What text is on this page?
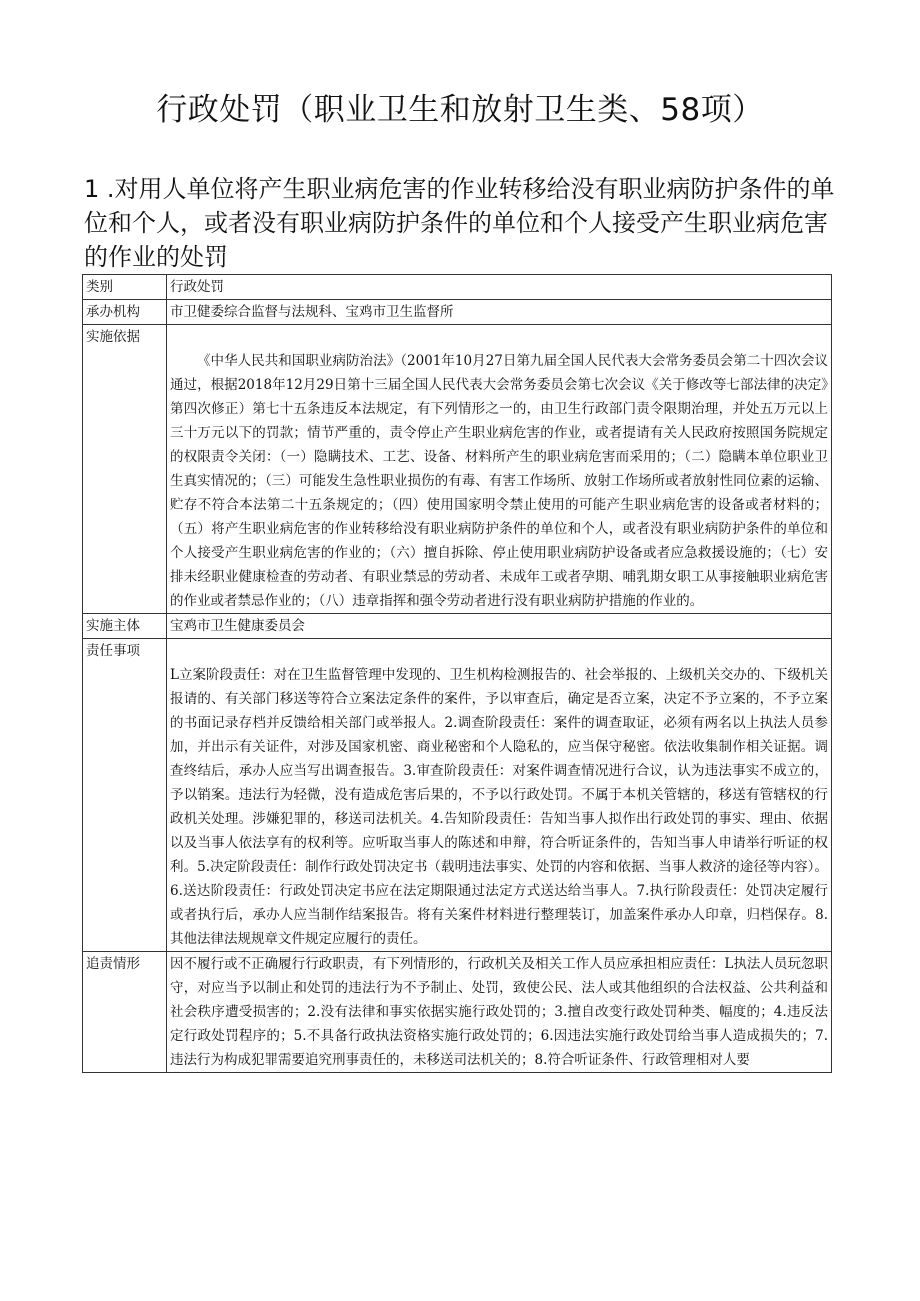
行政处罚（职业卫生和放射卫生类、58项）
1 .对用人单位将产生职业病危害的作业转移给没有职业病防护条件的单位和个人，或者没有职业病防护条件的单位和个人接受产生职业病危害的作业的处罚
类别	行政处罚
承办机构	市卫健委综合监督与法规科、宝鸡市卫生监督所
实施依据	《中华人民共和国职业病防治法》（2001年10月27日第九届全国人民代表大会常务委员会第二十四次会议通过，根据2018年12月29日第十三届全国人民代表大会常务委员会第七次会议《关于修改等七部法律的决定》第四次修正）第七十五条违反本法规定，有下列情形之一的，由卫生行政部门责令限期治理，并处五万元以上三十万元以下的罚款；情节严重的，责令停止产生职业病危害的作业，或者提请有关人民政府按照国务院规定的权限责令关闭：（一）隐瞒技术、工艺、设备、材料所产生的职业病危害而采用的；（二）隐瞒本单位职业卫生真实情况的；（三）可能发生急性职业损伤的有毒、有害工作场所、放射工作场所或者放射性同位素的运输、贮存不符合本法第二十五条规定的；（四）使用国家明令禁止使用的可能产生职业病危害的设备或者材料的；（五）将产生职业病危害的作业转移给没有职业病防护条件的单位和个人，或者没有职业病防护条件的单位和个人接受产生职业病危害的作业的；（六）擅自拆除、停止使用职业病防护设备或者应急救援设施的；（七）安排未经职业健康检查的劳动者、有职业禁忌的劳动者、未成年工或者孕期、哺乳期女职工从事接触职业病危害的作业或者禁忌作业的；（八）违章指挥和强令劳动者进行没有职业病防护措施的作业的。

实施主体	宝鸡市卫生健康委员会
责任事项	L立案阶段责任：对在卫生监督管理中发现的、卫生机构检测报告的、社会举报的、上级机关交办的、下级机关报请的、有关部门移送等符合立案法定条件的案件，予以审查后，确定是否立案，决定不予立案的，不予立案的书面记录存档并反馈给相关部门或举报人。2.调查阶段责任：案件的调查取证，必须有两名以上执法人员参加，并出示有关证件，对涉及国家机密、商业秘密和个人隐私的，应当保守秘密。依法收集制作相关证据。调查终结后，承办人应当写出调查报告。3.审查阶段责任：对案件调查情况进行合议，认为违法事实不成立的，予以销案。违法行为轻微，没有造成危害后果的，不予以行政处罚。不属于本机关管辖的，移送有管辖权的行政机关处理。涉嫌犯罪的，移送司法机关。4.告知阶段责任：告知当事人拟作出行政处罚的事实、理由、依据以及当事人依法享有的权利等。应听取当事人的陈述和申辩，符合听证条件的，告知当事人申请举行听证的权利。5.决定阶段责任：制作行政处罚决定书（载明违法事实、处罚的内容和依据、当事人救济的途径等内容）。6.送达阶段责任：行政处罚决定书应在法定期限通过法定方式送达给当事人。7.执行阶段责任：处罚决定履行或者执行后，承办人应当制作结案报告。将有关案件材料进行整理装订，加盖案件承办人印章，归档保存。8.其他法律法规规章文件规定应履行的责任。

追责情形	因不履行或不正确履行行政职责，有下列情形的，行政机关及相关工作人员应承担相应责任：L执法人员玩忽职守，对应当予以制止和处罚的违法行为不予制止、处罚，致使公民、法人或其他组织的合法权益、公共利益和社会秩序遭受损害的；2.没有法律和事实依据实施行政处罚的；3.擅自改变行政处罚种类、幅度的；4.违反法定行政处罚程序的；5.不具备行政执法资格实施行政处罚的；6.因违法实施行政处罚给当事人造成损失的；7.违法行为构成犯罪需要追究刑事责任的，未移送司法机关的；8.符合听证条件、行政管理相对人要
